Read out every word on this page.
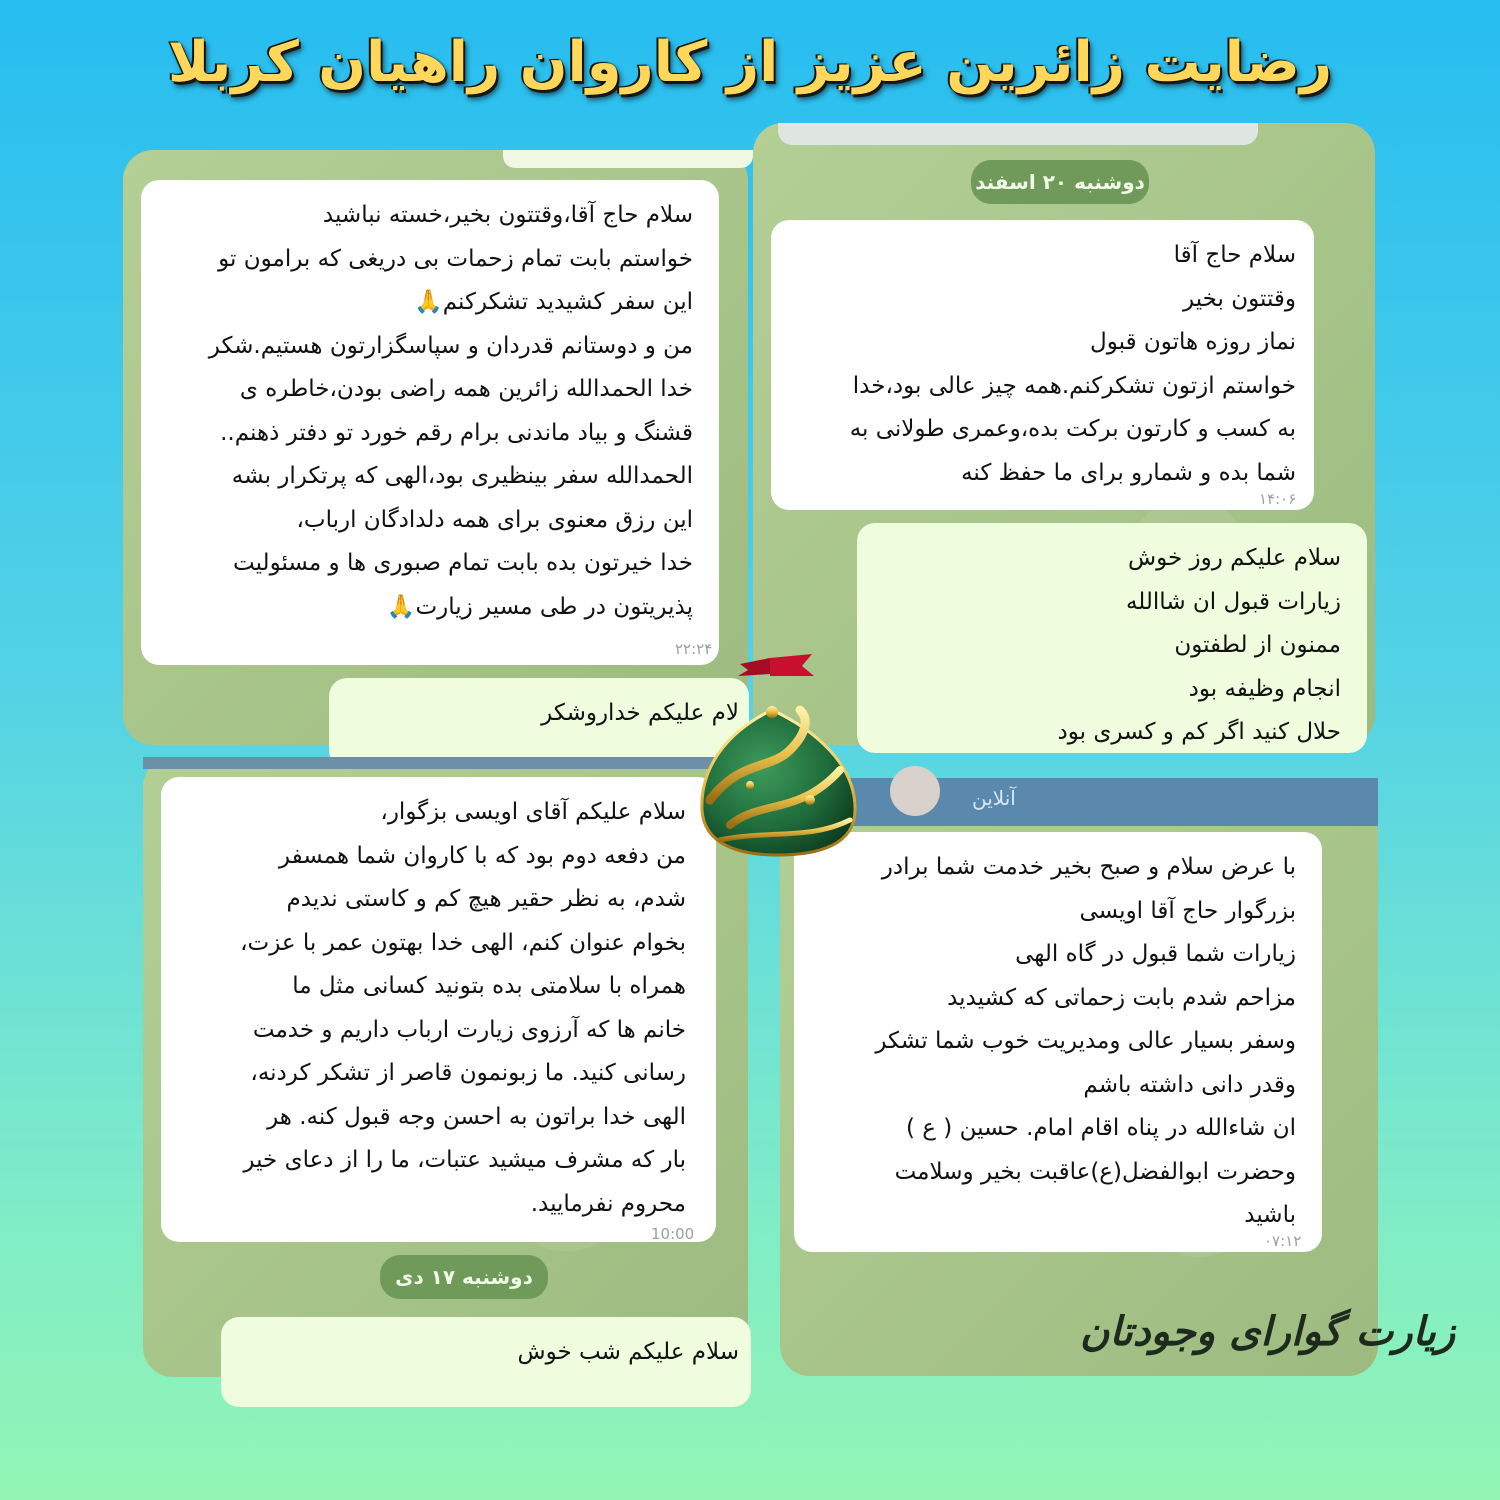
رضایت زائرین عزیز از کاروان راهیان کربلا
سلام حاج آقا،وقتتون بخیر،خسته نباشید
خواستم بابت تمام زحمات بی دریغی که برامون تو
این سفر کشیدید تشکرکنم🙏
من و دوستانم قدردان و سپاسگزارتون هستیم.شکر
خدا الحمدالله زائرین همه راضی بودن،خاطره ی
قشنگ و بیاد ماندنی برام رقم خورد تو دفتر ذهنم..
الحمدالله سفر بینظیری بود،الهی که پرتکرار بشه
این رزق معنوی برای همه دلدادگان ارباب،
خدا خیرتون بده بابت تمام صبوری ها و مسئولیت
پذیریتون در طی مسیر زیارت🙏
۲۲:۲۴
لام علیکم خداروشکر
دوشنبه ۲۰ اسفند
سلام حاج آقا
وقتتون بخیر
نماز روزه هاتون قبول
خواستم ازتون تشکرکنم.همه چیز عالی بود،خدا
به کسب و کارتون برکت بده،وعمری طولانی به
شما بده و شمارو برای ما حفظ کنه
۱۴:۰۶
سلام علیکم روز خوش
زیارات قبول ان شاالله
ممنون از لطفتون
انجام وظیفه بود
حلال کنید اگر کم و کسری بود
سلام علیکم آقای اویسی بزگوار،
من دفعه دوم بود که با کاروان شما همسفر
شدم، به نظر حقیر هیچ کم و کاستی ندیدم
بخوام عنوان کنم، الهی خدا بهتون عمر با عزت،
همراه با سلامتی بده بتونید کسانی مثل ما
خانم ها که آرزوی زیارت ارباب داریم و خدمت
رسانی کنید. ما زبونمون قاصر از تشکر کردنه،
الهی خدا براتون به احسن وجه قبول کنه. هر
بار که مشرف میشید عتبات، ما را از دعای خیر
محروم نفرمایید.
10:00
دوشنبه ۱۷ دی
سلام علیکم شب خوش
آنلاین
با عرض سلام و صبح بخیر خدمت شما برادر
بزرگوار حاج آقا اویسی
زیارات شما قبول در گاه الهی
مزاحم شدم بابت زحماتی که کشیدید
وسفر بسیار عالی ومدیریت خوب شما تشکر
وقدر دانی داشته باشم
ان شاءالله در پناه اقام امام. حسین ( ع )
وحضرت ابوالفضل(ع)عاقبت بخیر وسلامت
باشید
۰۷:۱۲
زیارت گوارای وجودتان
